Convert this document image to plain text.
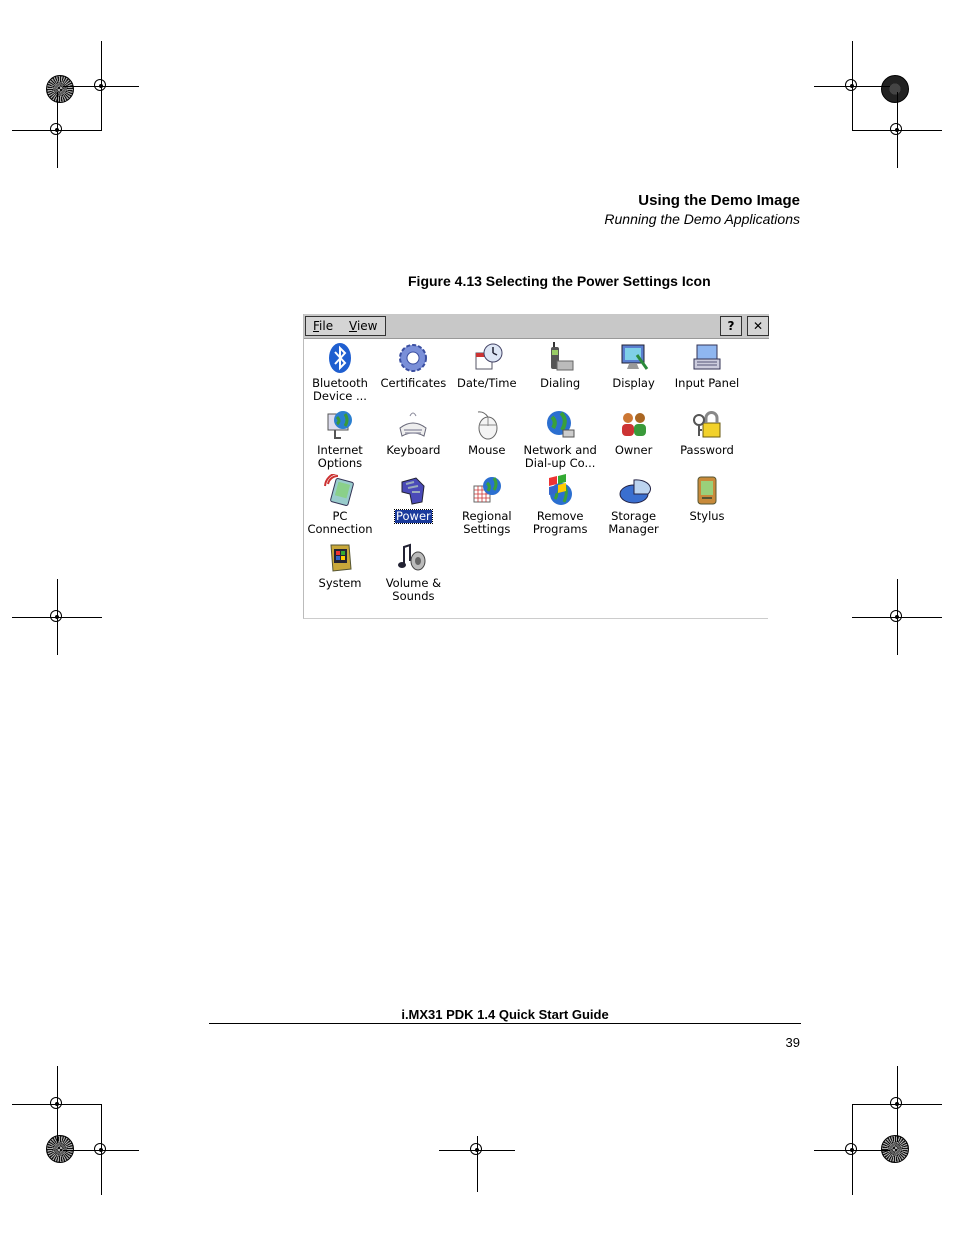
Using the Demo Image
Running the Demo Applications
Figure 4.13 Selecting the Power Settings Icon
File View	?	✕
Bluetooth
Device ...
Certificates Date/Time	Dialing	Display	Input Panel
Internet
Options
Keyboard	Mouse	Network and
Dial-up Co...
Owner	Password
PC
Connection
Power	Regional
Settings
Remove
Programs
Storage
Manager
Stylus
System	Volume &
Sounds
i.MX31 PDK 1.4 Quick Start Guide
39
